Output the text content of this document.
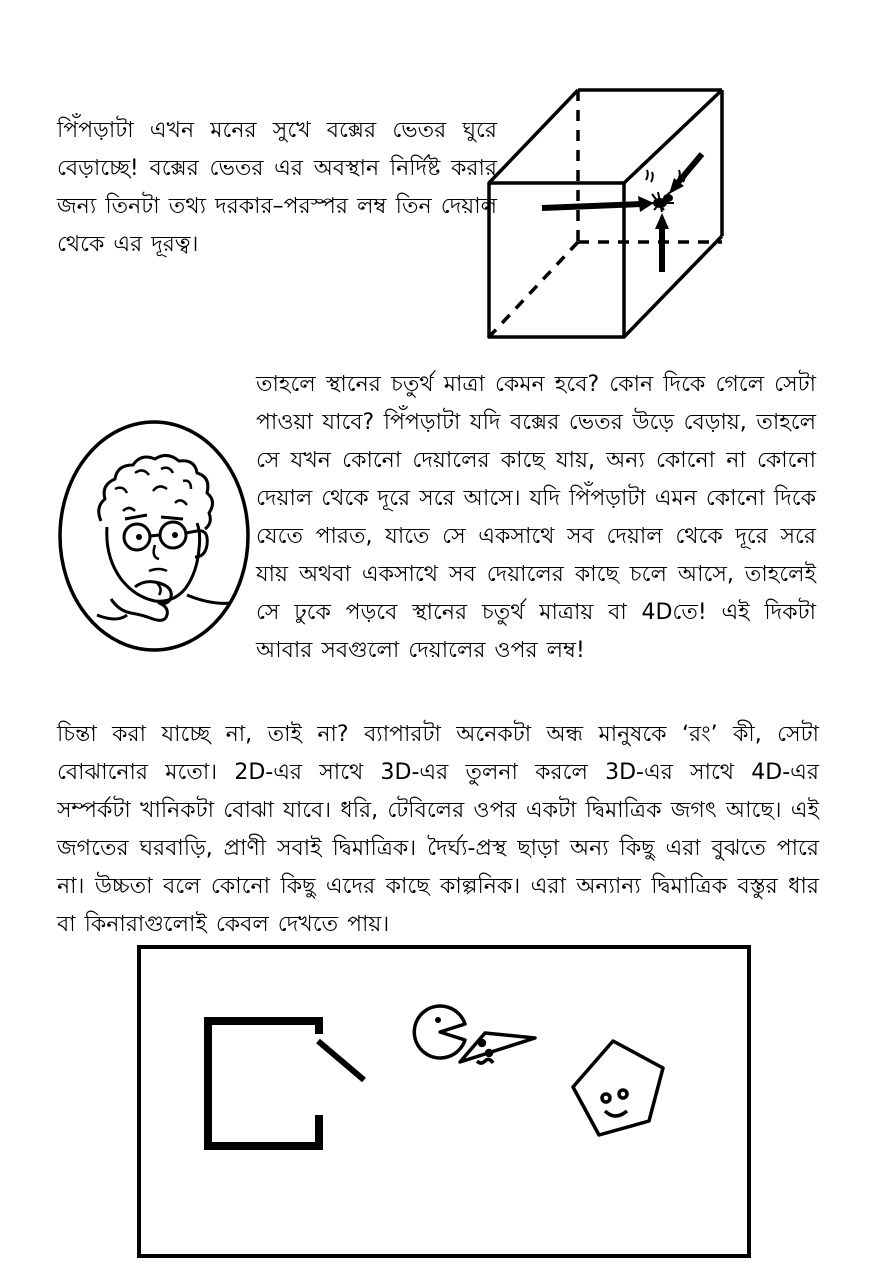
পিঁপড়াটা এখন মনের সুখে বক্সের ভেতর ঘুরে বেড়াচ্ছে! বক্সের ভেতর এর অবস্থান নির্দিষ্ট করার জন্য তিনটা তথ্য দরকার–পরস্পর লম্ব তিন দেয়াল থেকে এর দূরত্ব।

তাহলে স্থানের চতুর্থ মাত্রা কেমন হবে? কোন দিকে গেলে সেটা পাওয়া যাবে? পিঁপড়াটা যদি বক্সের ভেতর উড়ে বেড়ায়, তাহলে সে যখন কোনো দেয়ালের কাছে যায়, অন্য কোনো না কোনো দেয়াল থেকে দূরে সরে আসে। যদি পিঁপড়াটা এমন কোনো দিকে যেতে পারত, যাতে সে একসাথে সব দেয়াল থেকে দূরে সরে যায় অথবা একসাথে সব দেয়ালের কাছে চলে আসে, তাহলেই সে ঢুকে পড়বে স্থানের চতুর্থ মাত্রায় বা 4Dতে! এই দিকটা আবার সবগুলো দেয়ালের ওপর লম্ব!

চিন্তা করা যাচ্ছে না, তাই না? ব্যাপারটা অনেকটা অন্ধ মানুষকে ‘রং’ কী, সেটা বোঝানোর মতো। 2D-এর সাথে 3D-এর তুলনা করলে 3D-এর সাথে 4D-এর সম্পর্কটা খানিকটা বোঝা যাবে। ধরি, টেবিলের ওপর একটা দ্বিমাত্রিক জগৎ আছে। এই জগতের ঘরবাড়ি, প্রাণী সবাই দ্বিমাত্রিক। দৈর্ঘ্য-প্রস্থ ছাড়া অন্য কিছু এরা বুঝতে পারে না। উচ্চতা বলে কোনো কিছু এদের কাছে কাল্পনিক। এরা অন্যান্য দ্বিমাত্রিক বস্তুর ধার বা কিনারাগুলোই কেবল দেখতে পায়।
